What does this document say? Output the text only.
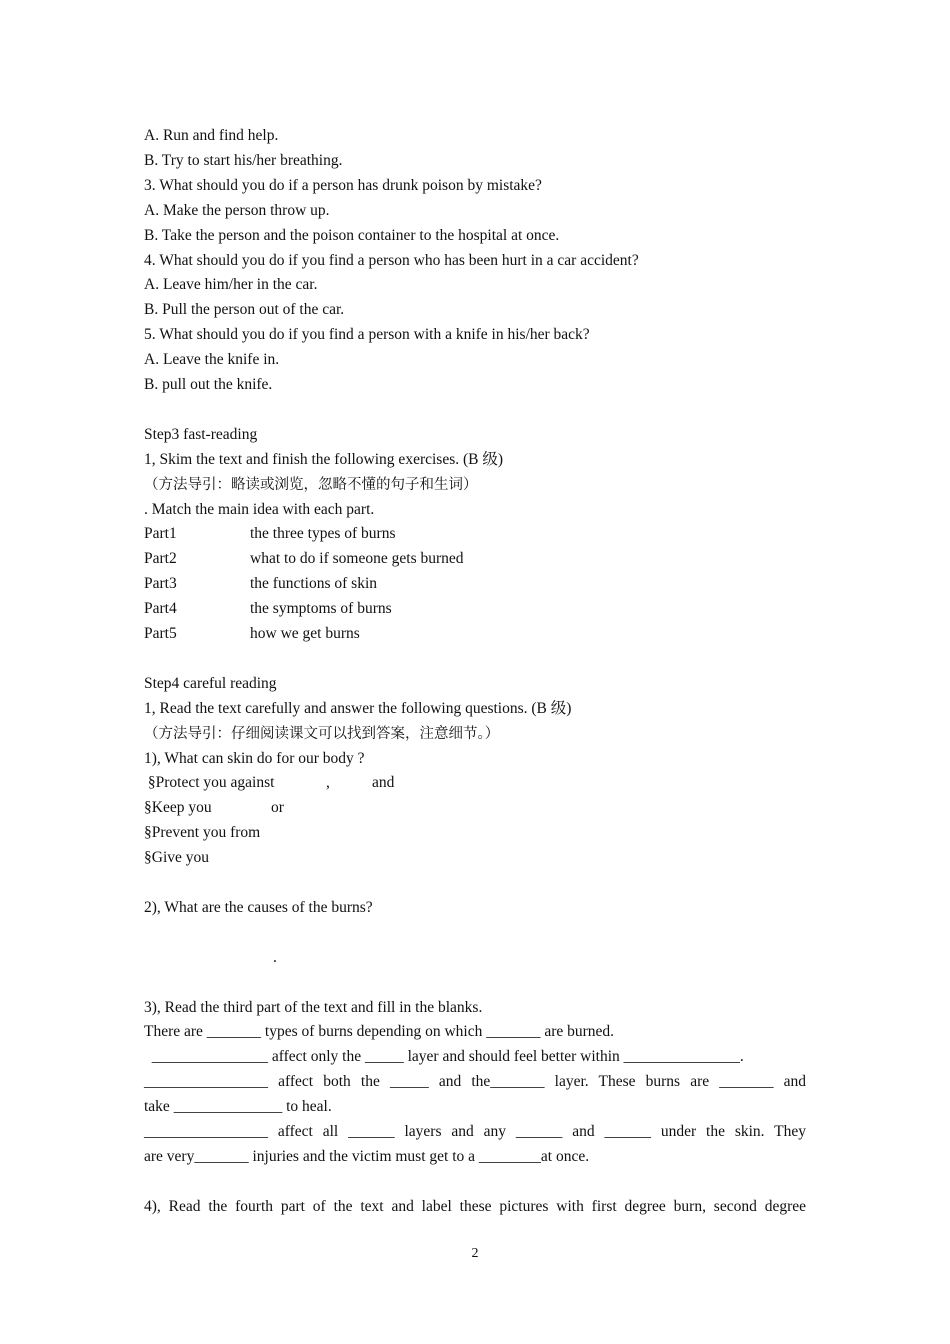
A. Run and find help.
B. Try to start his/her breathing.
3. What should you do if a person has drunk poison by mistake?
A. Make the person throw up.
B. Take the person and the poison container to the hospital at once.
4. What should you do if you find a person who has been hurt in a car accident?
A. Leave him/her in the car.
B. Pull the person out of the car.
5. What should you do if you find a person with a knife in his/her back?
A. Leave the knife in.
B. pull out the knife.
Step3 fast-reading
1, Skim the text and finish the following exercises. (B 级)
（方法导引：略读或浏览，忽略不懂的句子和生词）
. Match the main idea with each part.
Part1	the three types of burns
Part2	what to do if someone gets burned
Part3	the functions of skin
Part4	the symptoms of burns
Part5	how we get burns
Step4 careful reading
1, Read the text carefully and answer the following questions. (B 级)
（方法导引：仔细阅读课文可以找到答案，注意细节。）
1), What can skin do for our body ?
§Protect you against	,	and
§Keep you	or
§Prevent you from
§Give you
2), What are the causes of the burns?
.
3), Read the third part of the text and fill in the blanks.
There are _______ types of burns depending on which _______ are burned.
_______________ affect only the _____ layer and should feel better within _______________.
________________ affect both the _____ and the_______ layer. These burns are _______ and
take ______________ to heal.
________________ affect all ______ layers and any ______ and ______ under the skin. They
are very_______ injuries and the victim must get to a ________at once.
4), Read the fourth part of the text and label these pictures with first degree burn, second degree
2
